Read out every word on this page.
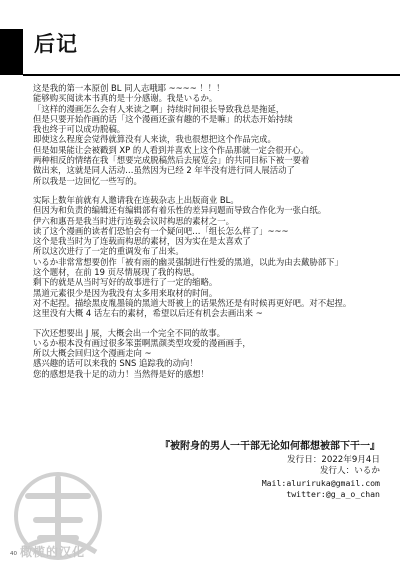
后记
这是我的第一本原创 BL 同人志哦耶 ~~~~ ！！！
能够购买阅读本书真的是十分感谢。我是いるか。
「这样的漫画怎么会有人来读之啊」持续时间很长导致我总是拖延，
但是只要开始作画的话「这个漫画还蛮有趣的不是嘛」的状态开始持续
我也终于可以成功脱稿。
即使这么程度会觉得就算没有人来读，我也很想把这个作品完成。
但是如果能让会被戳到 XP 的人看到并喜欢上这个作品那就一定会很开心。
两种相反的情绪在我「想要完成脱稿然后去展览会」的共同目标下被一要着
做出来，这就是同人活动…虽然因为已经 2 年半没有进行同人展活动了
所以我是一边回忆一些写的。
实际上数年前就有人邀请我在连载杂志上出版商业 BL。
但因为和负责的编辑还有编辑部有着乐性的差异问题而导致合作化为一张白纸。
伊六和惠吾是我当时进行连载会议时构思的素材之一。
读了这个漫画的读者们恐怕会有一个疑问吧…「组长怎么样了」~~~
这个是我当时为了连载而构思的素材，因为实在是太喜欢了
所以这次进行了一定的重调发布了出来。
いるか非常常想要创作「被有雨的幽灵强制进行性爱的黑道，以此为由去戴胁部下」
这个题材，在前 19 页尽情展现了我的构思。
剩下的就是从当时写好的故事进行了一定的缩略。
黑道元素很少是因为我没有太多用来取材的时间。
对不起捏。描绘黑皮胤墨镜的黑道大哥被上的话果然还是有时候再更好吧。对不起捏。
这里没有大概 4 话左右的素材，希望以后还有机会去画出来 ~
下次还想要出 J 展，大概会出一个完全不同的故事。
いるか根本没有画过很多笨蛋啊黑颜类型攻爱的漫画画手，
所以大概会回归这个漫画走向 ~
感兴趣的话可以来我的 SNS 追踪我的动向！
您的感想是我十足的动力！当然得是好的感想！
『被附身的男人一干部无论如何都想被部下干一』
发行日：2022年9月4日
发行人：いるか
Mail:aluriruka@gmail.com
twitter:@g_a_o_chan
橄榄的汉化
40
